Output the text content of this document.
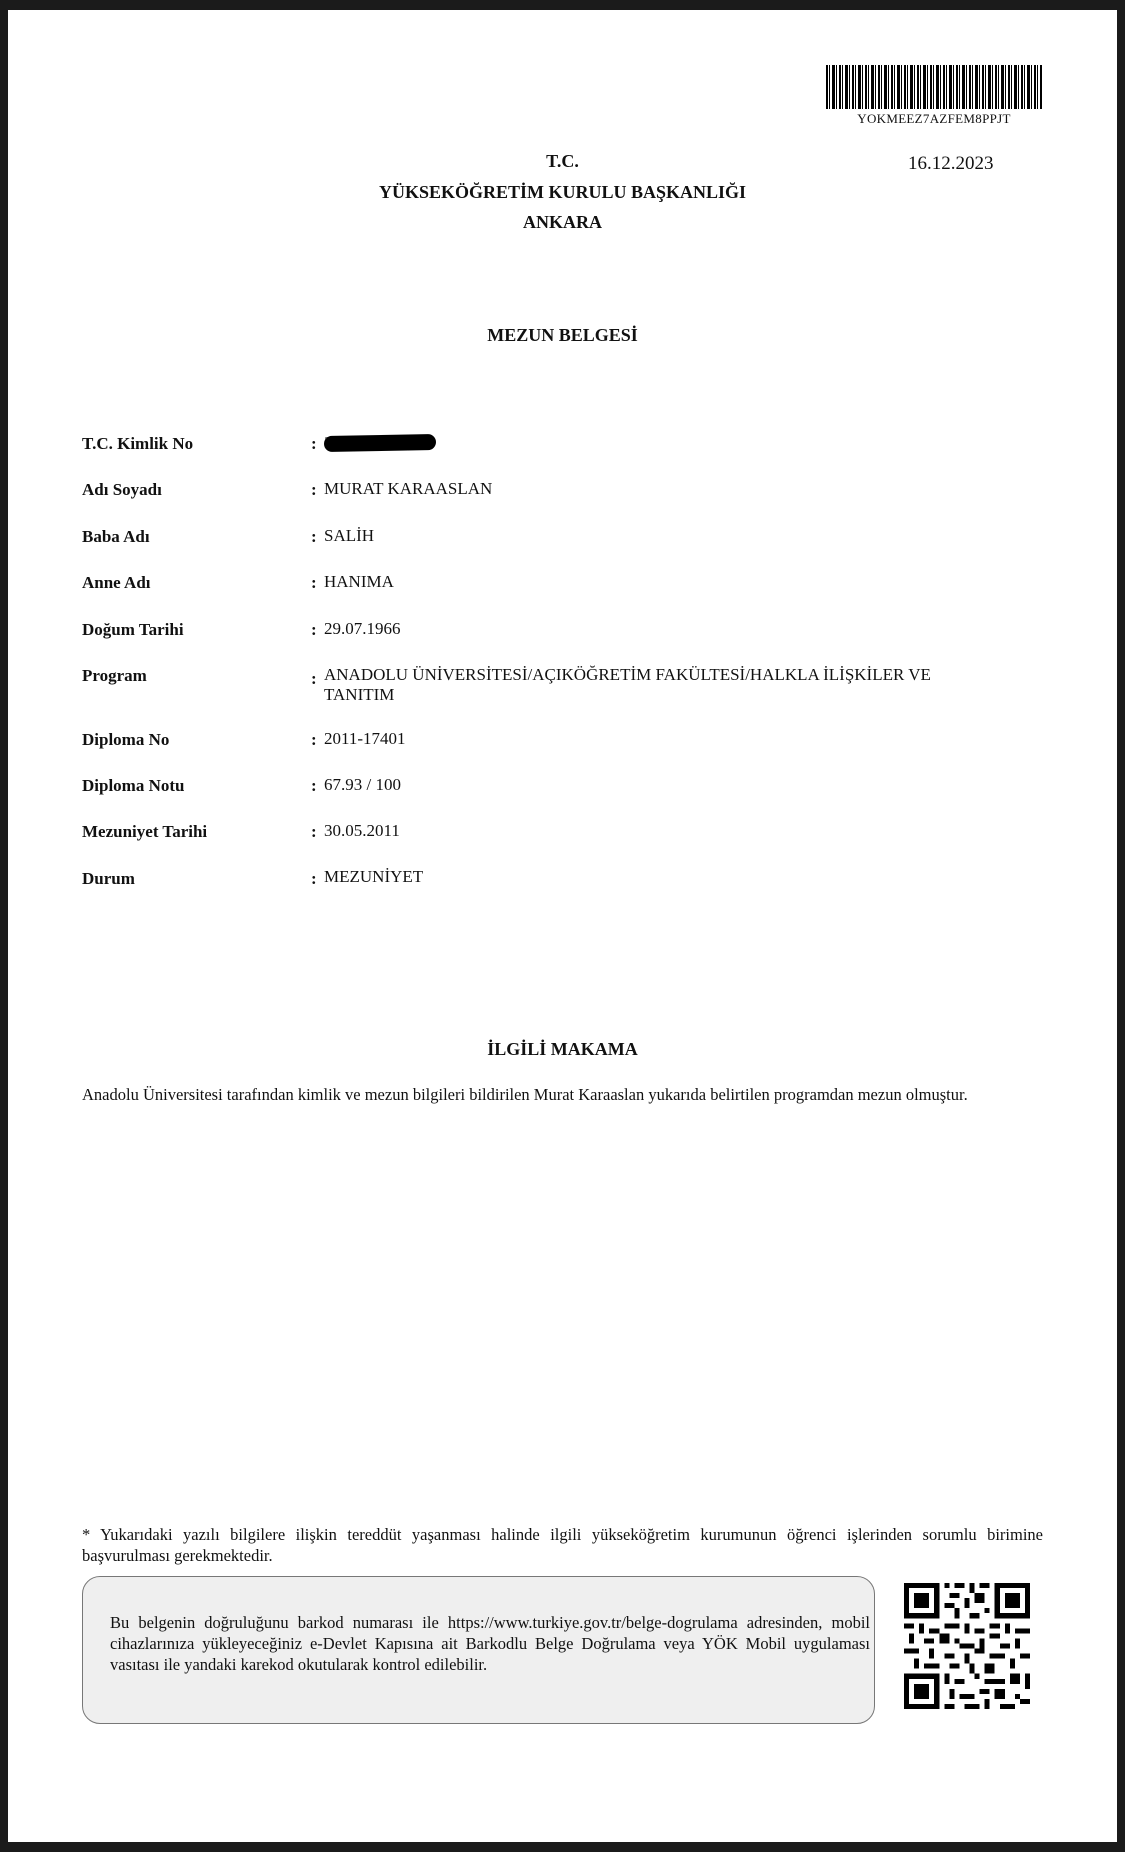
YOKMEEZ7AZFEM8PPJT
16.12.2023
T.C.
YÜKSEKÖĞRETİM KURULU BAŞKANLIĞI
ANKARA
MEZUN BELGESİ
T.C. Kimlik No	:
Adı Soyadı	: MURAT KARAASLAN
Baba Adı	: SALİH
Anne Adı	: HANIMA
Doğum Tarihi	: 29.07.1966
Program	: ANADOLU ÜNİVERSİTESİ/AÇIKÖĞRETİM FAKÜLTESİ/HALKLA İLİŞKİLER VE
TANITIM
Diploma No	: 2011-17401
Diploma Notu	: 67.93 / 100
Mezuniyet Tarihi	: 30.05.2011
Durum	: MEZUNİYET
İLGİLİ MAKAMA
Anadolu Üniversitesi tarafından kimlik ve mezun bilgileri bildirilen Murat Karaaslan yukarıda belirtilen programdan mezun olmuştur.
* Yukarıdaki yazılı bilgilere ilişkin tereddüt yaşanması halinde ilgili yükseköğretim kurumunun öğrenci işlerinden sorumlu birimine başvurulması gerekmektedir.
Bu belgenin doğruluğunu barkod numarası ile https://www.turkiye.gov.tr/belge-dogrulama adresinden, mobil cihazlarınıza yükleyeceğiniz e-Devlet Kapısına ait Barkodlu Belge Doğrulama veya YÖK Mobil uygulaması vasıtası ile yandaki karekod okutularak kontrol edilebilir.
